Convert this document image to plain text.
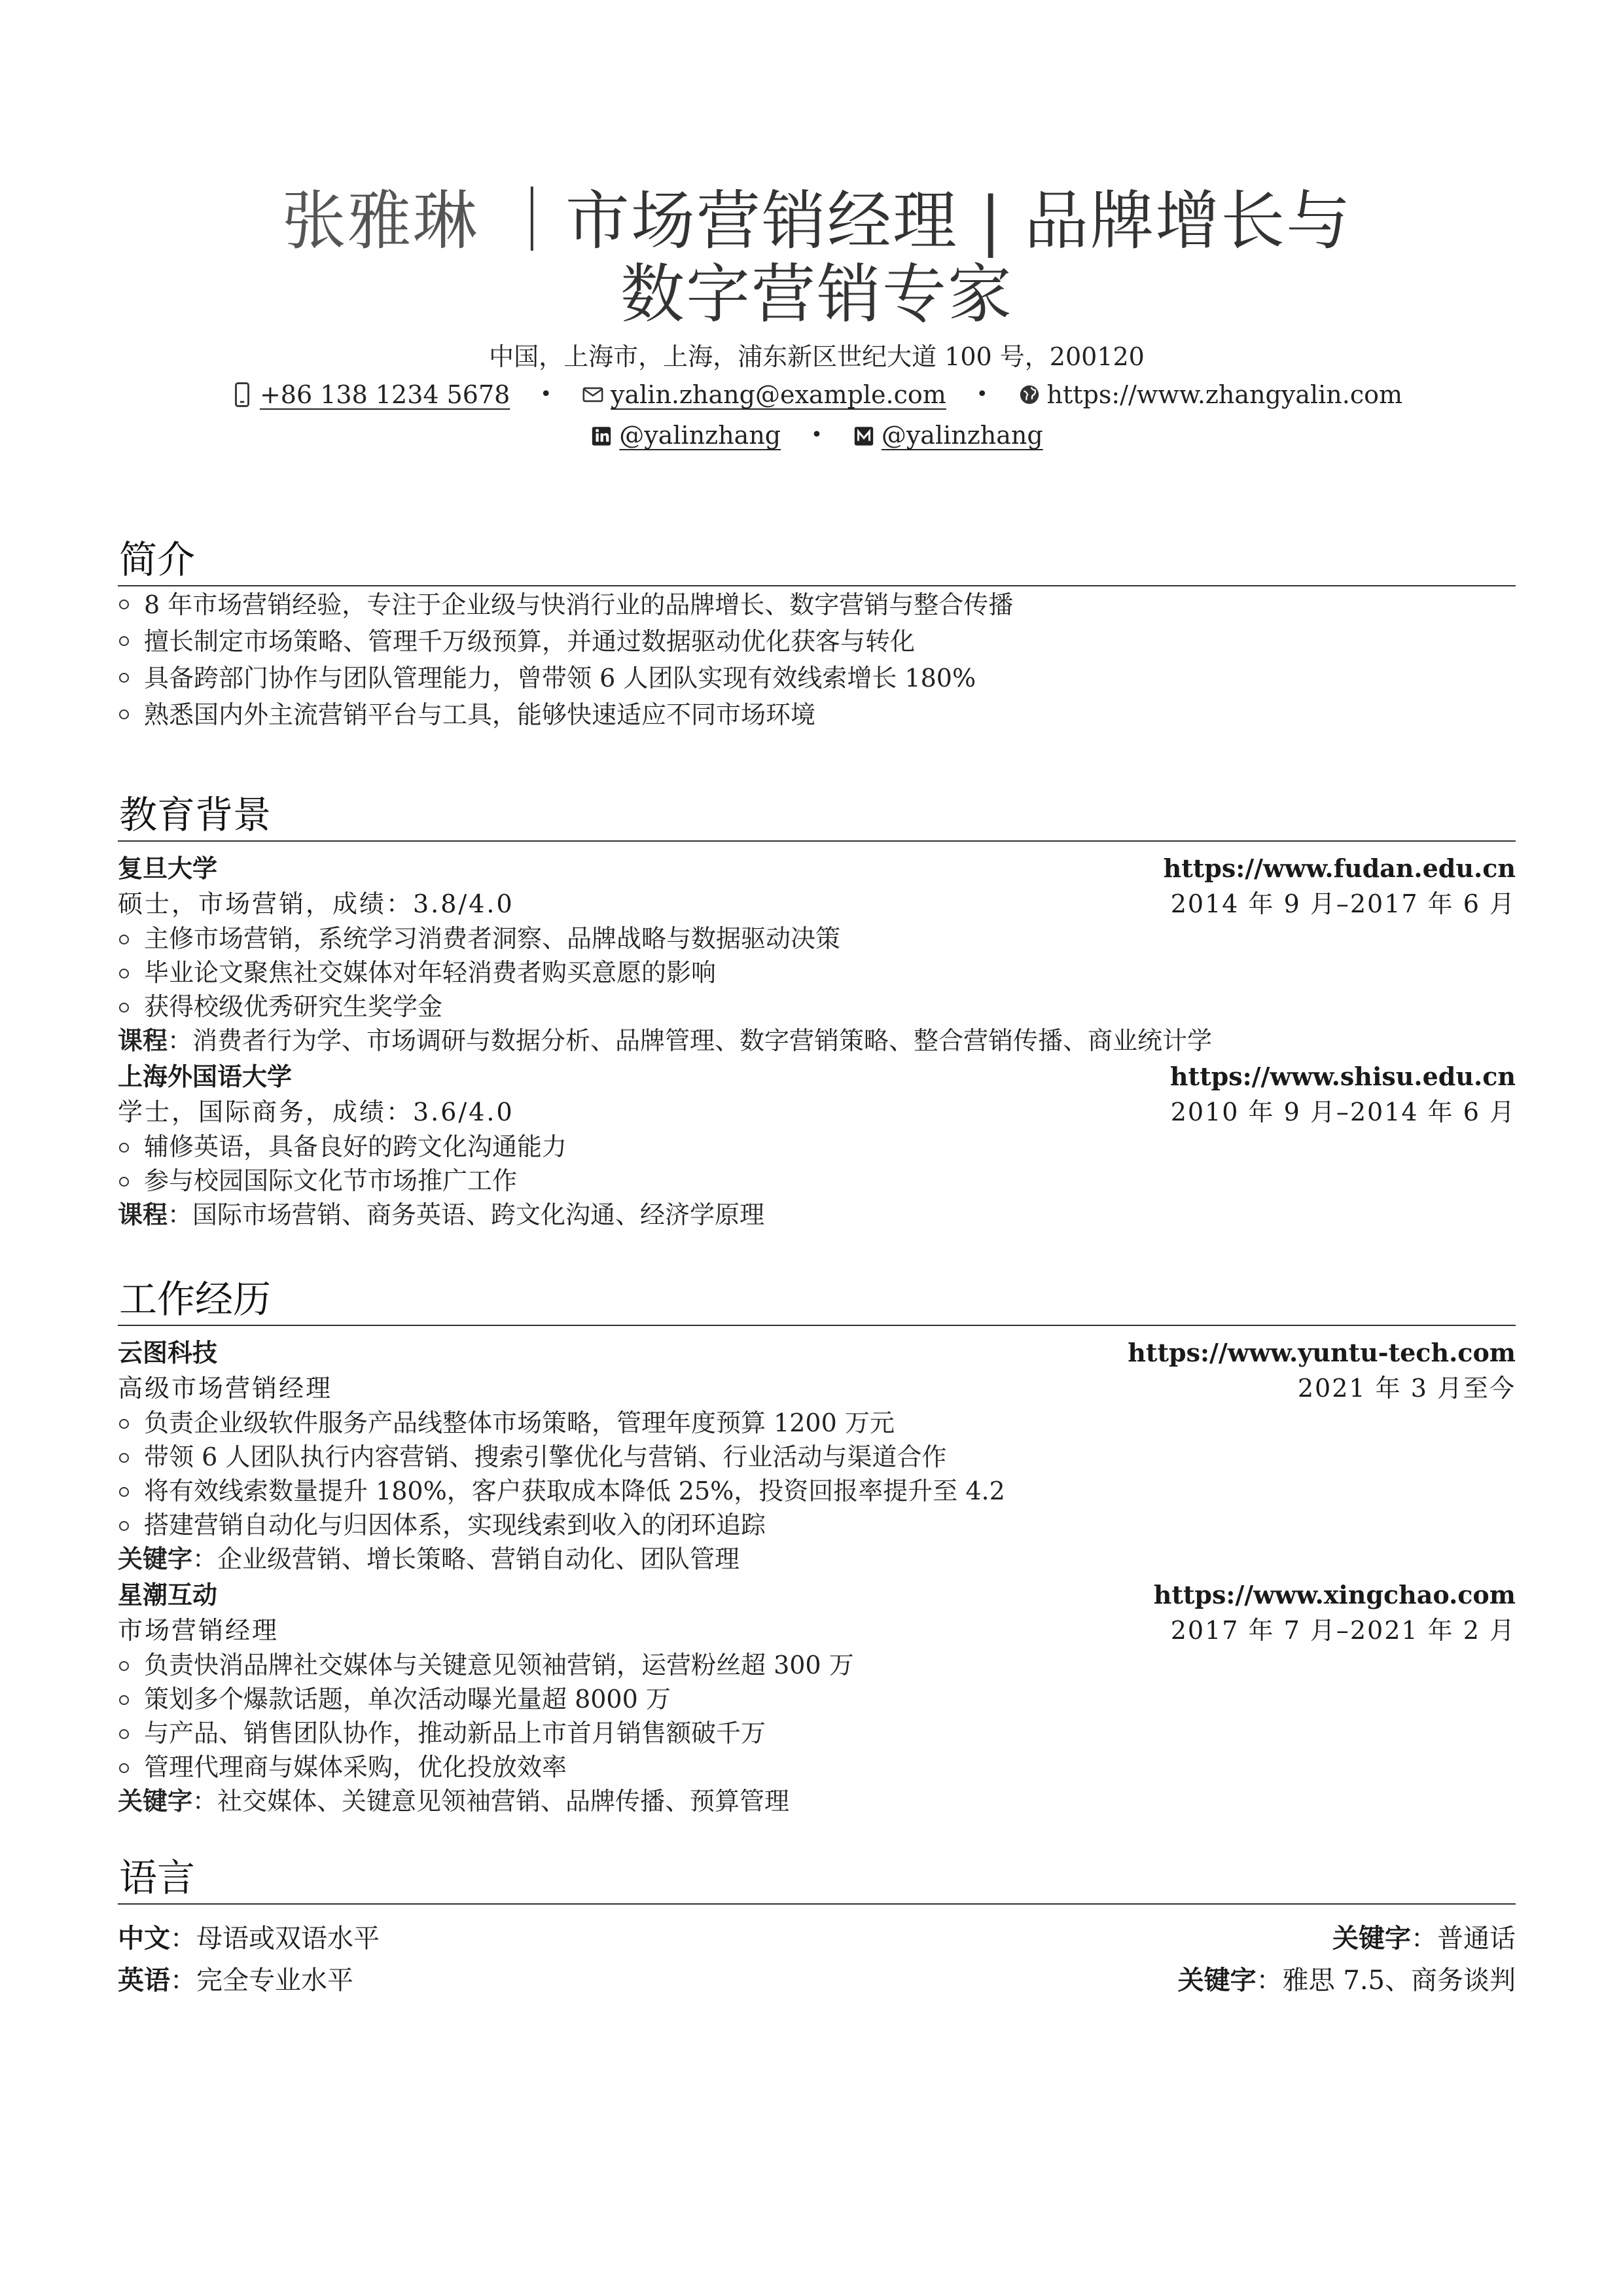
张雅琳 ｜市场营销经理 | 品牌增长与
数字营销专家
中国，上海市，上海，浦东新区世纪大道 100 号，200120
+86 138 1234 5678 • yalin.zhang@example.com • https://www.zhangyalin.com
@yalinzhang • @yalinzhang
简介
8 年市场营销经验，专注于企业级与快消行业的品牌增长、数字营销与整合传播
擅长制定市场策略、管理千万级预算，并通过数据驱动优化获客与转化
具备跨部门协作与团队管理能力，曾带领 6 人团队实现有效线索增长 180%
熟悉国内外主流营销平台与工具，能够快速适应不同市场环境
教育背景
复旦大学	https://www.fudan.edu.cn
硕士，市场营销，成绩：3.8/4.0	2014 年 9 月–2017 年 6 月
主修市场营销，系统学习消费者洞察、品牌战略与数据驱动决策
毕业论文聚焦社交媒体对年轻消费者购买意愿的影响
获得校级优秀研究生奖学金
课程：消费者行为学、市场调研与数据分析、品牌管理、数字营销策略、整合营销传播、商业统计学
上海外国语大学	https://www.shisu.edu.cn
学士，国际商务，成绩：3.6/4.0	2010 年 9 月–2014 年 6 月
辅修英语，具备良好的跨文化沟通能力
参与校园国际文化节市场推广工作
课程：国际市场营销、商务英语、跨文化沟通、经济学原理
工作经历
云图科技	https://www.yuntu-tech.com
高级市场营销经理	2021 年 3 月至今
负责企业级软件服务产品线整体市场策略，管理年度预算 1200 万元
带领 6 人团队执行内容营销、搜索引擎优化与营销、行业活动与渠道合作
将有效线索数量提升 180%，客户获取成本降低 25%，投资回报率提升至 4.2
搭建营销自动化与归因体系，实现线索到收入的闭环追踪
关键字：企业级营销、增长策略、营销自动化、团队管理
星潮互动	https://www.xingchao.com
市场营销经理	2017 年 7 月–2021 年 2 月
负责快消品牌社交媒体与关键意见领袖营销，运营粉丝超 300 万
策划多个爆款话题，单次活动曝光量超 8000 万
与产品、销售团队协作，推动新品上市首月销售额破千万
管理代理商与媒体采购，优化投放效率
关键字：社交媒体、关键意见领袖营销、品牌传播、预算管理
语言
中文：母语或双语水平	关键字：普通话
英语：完全专业水平	关键字：雅思 7.5、商务谈判
